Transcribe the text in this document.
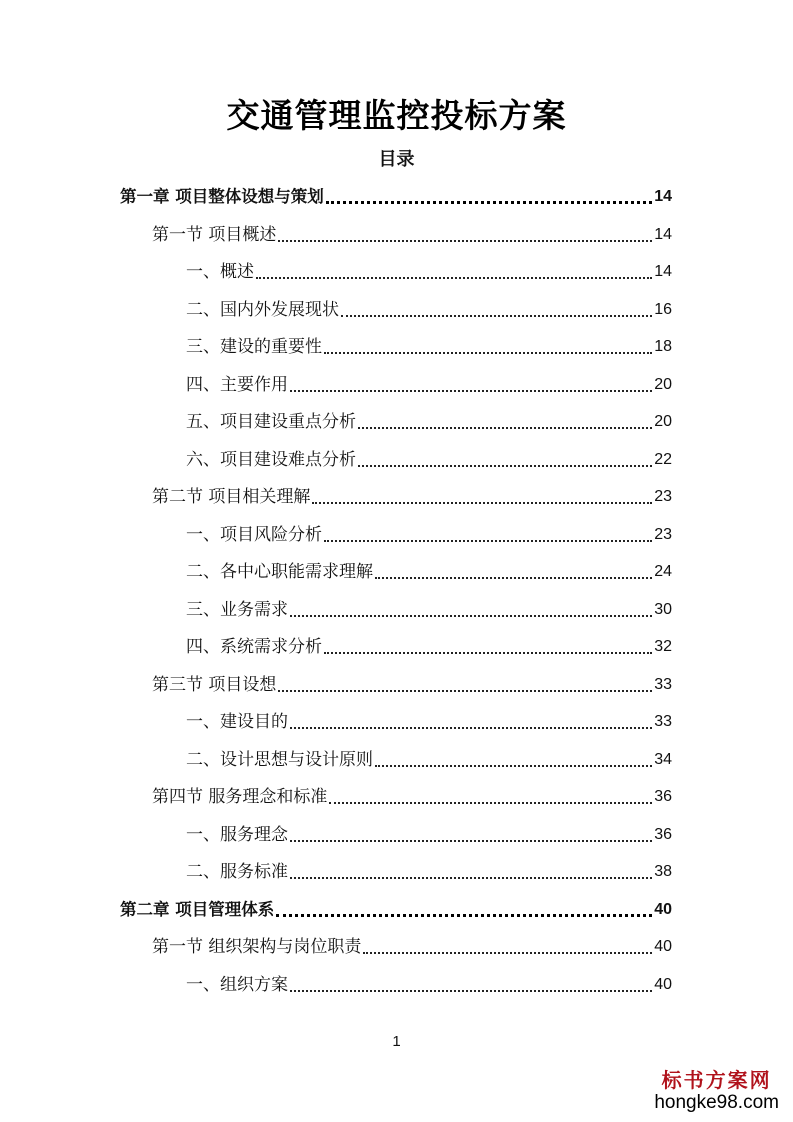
交通管理监控投标方案
目录
第一章 项目整体设想与策划	14
第一节 项目概述	14
一、概述	14
二、国内外发展现状	16
三、建设的重要性	18
四、主要作用	20
五、项目建设重点分析	20
六、项目建设难点分析	22
第二节 项目相关理解	23
一、项目风险分析	23
二、各中心职能需求理解	24
三、业务需求	30
四、系统需求分析	32
第三节 项目设想	33
一、建设目的	33
二、设计思想与设计原则	34
第四节 服务理念和标准	36
一、服务理念	36
二、服务标准	38
第二章 项目管理体系	40
第一节 组织架构与岗位职责	40
一、组织方案	40
1
标书方案网
hongke98.com
